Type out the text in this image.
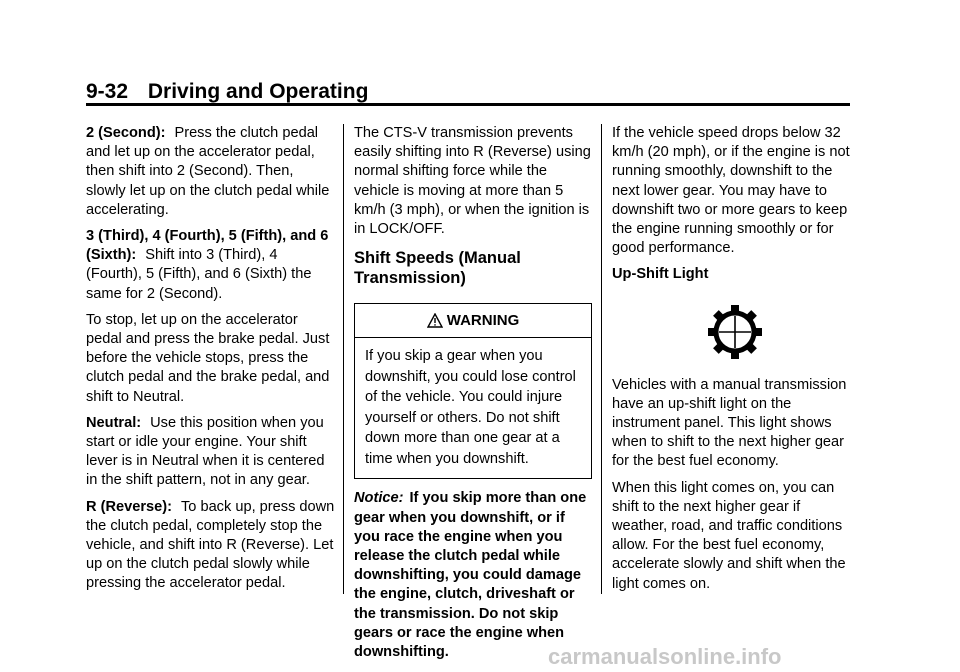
9-32 Driving and Operating

2 (Second): Press the clutch pedal and let up on the accelerator pedal, then shift into 2 (Second). Then, slowly let up on the clutch pedal while accelerating.

3 (Third), 4 (Fourth), 5 (Fifth), and 6 (Sixth): Shift into 3 (Third), 4 (Fourth), 5 (Fifth), and 6 (Sixth) the same for 2 (Second).

To stop, let up on the accelerator pedal and press the brake pedal. Just before the vehicle stops, press the clutch pedal and the brake pedal, and shift to Neutral.

Neutral: Use this position when you start or idle your engine. Your shift lever is in Neutral when it is centered in the shift pattern, not in any gear.

R (Reverse): To back up, press down the clutch pedal, completely stop the vehicle, and shift into R (Reverse). Let up on the clutch pedal slowly while pressing the accelerator pedal.

The CTS-V transmission prevents easily shifting into R (Reverse) using normal shifting force while the vehicle is moving at more than 5 km/h (3 mph), or when the ignition is in LOCK/OFF.

Shift Speeds (Manual Transmission)
WARNING
If you skip a gear when you downshift, you could lose control of the vehicle. You could injure yourself or others. Do not shift down more than one gear at a time when you downshift.

Notice: If you skip more than one gear when you downshift, or if you race the engine when you release the clutch pedal while downshifting, you could damage the engine, clutch, driveshaft or the transmission. Do not skip gears or race the engine when downshifting.

If the vehicle speed drops below 32 km/h (20 mph), or if the engine is not running smoothly, downshift to the next lower gear. You may have to downshift two or more gears to keep the engine running smoothly or for good performance.

Up-Shift Light

Vehicles with a manual transmission have an up-shift light on the instrument panel. This light shows when to shift to the next higher gear for the best fuel economy.

When this light comes on, you can shift to the next higher gear if weather, road, and traffic conditions allow. For the best fuel economy, accelerate slowly and shift when the light comes on.

carmanualsonline.info
